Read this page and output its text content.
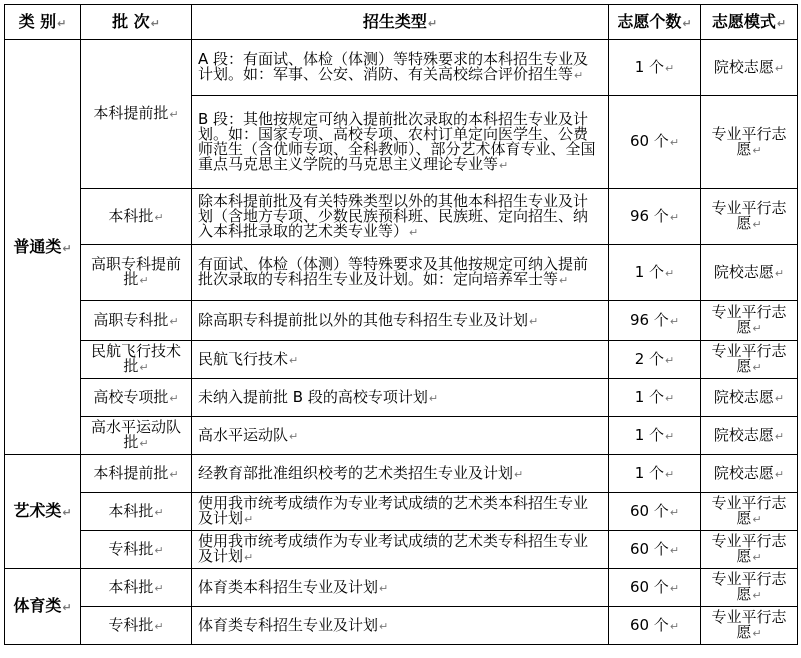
类 别↵	批 次↵	招生类型↵	志愿个数↵	志愿模式↵
普通类↵	本科提前批↵	A 段：有面试、体检（体测）等特殊要求的本科招生专业及计划。如：军事、公安、消防、有关高校综合评价招生等↵	1 个↵	院校志愿↵
		B 段：其他按规定可纳入提前批次录取的本科招生专业及计划。如：国家专项、高校专项、农村订单定向医学生、公费师范生（含优师专项、全科教师）、部分艺术体育专业、全国重点马克思主义学院的马克思主义理论专业等↵	60 个↵	专业平行志愿↵
	本科批↵	除本科提前批及有关特殊类型以外的其他本科招生专业及计划（含地方专项、少数民族预科班、民族班、定向招生、纳入本科批录取的艺术类专业等）↵	96 个↵	专业平行志愿↵
	高职专科提前批↵	有面试、体检（体测）等特殊要求及其他按规定可纳入提前批次录取的专科招生专业及计划。如：定向培养军士等↵	1 个↵	院校志愿↵
	高职专科批↵	除高职专科提前批以外的其他专科招生专业及计划↵	96 个↵	专业平行志愿↵
	民航飞行技术批↵	民航飞行技术↵	2 个↵	专业平行志愿↵
	高校专项批↵	未纳入提前批 B 段的高校专项计划↵	1 个↵	院校志愿↵
	高水平运动队批↵	高水平运动队↵	1 个↵	院校志愿↵
艺术类↵	本科提前批↵	经教育部批准组织校考的艺术类招生专业及计划↵	1 个↵	院校志愿↵
	本科批↵	使用我市统考成绩作为专业考试成绩的艺术类本科招生专业及计划↵	60 个↵	专业平行志愿↵
	专科批↵	使用我市统考成绩作为专业考试成绩的艺术类专科招生专业及计划↵	60 个↵	专业平行志愿↵
体育类↵	本科批↵	体育类本科招生专业及计划↵	60 个↵	专业平行志愿↵
	专科批↵	体育类专科招生专业及计划↵	60 个↵	专业平行志愿↵
